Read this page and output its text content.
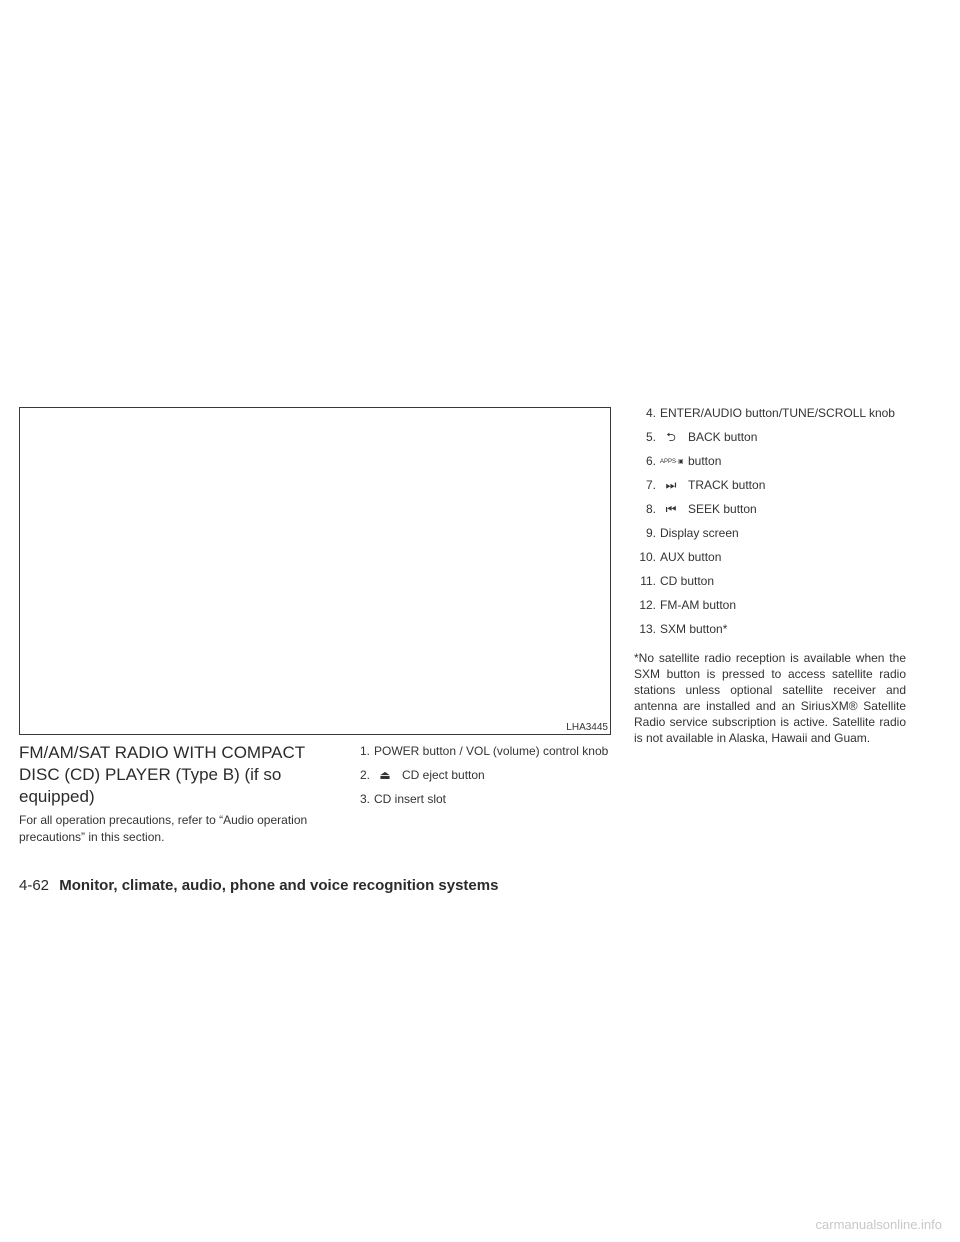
LHA3445
FM/AM/SAT RADIO WITH COMPACT DISC (CD) PLAYER (Type B) (if so equipped)
For all operation precautions, refer to “Audio operation precautions” in this section.
1. POWER button / VOL (volume) control knob
2. ⏏ CD eject button
3. CD insert slot
4. ENTER/AUDIO button/TUNE/SCROLL knob
5. ⮌ BACK button
6. APPS·▣ button
7. ⏭ TRACK button
8. ⏮ SEEK button
9. Display screen
10. AUX button
11. CD button
12. FM-AM button
13. SXM button*
*No satellite radio reception is available when the SXM button is pressed to access satellite radio stations unless optional satellite receiver and antenna are installed and an SiriusXM® Satellite Radio service subscription is active. Satellite radio is not available in Alaska, Hawaii and Guam.
4-62 Monitor, climate, audio, phone and voice recognition systems
carmanualsonline.info
